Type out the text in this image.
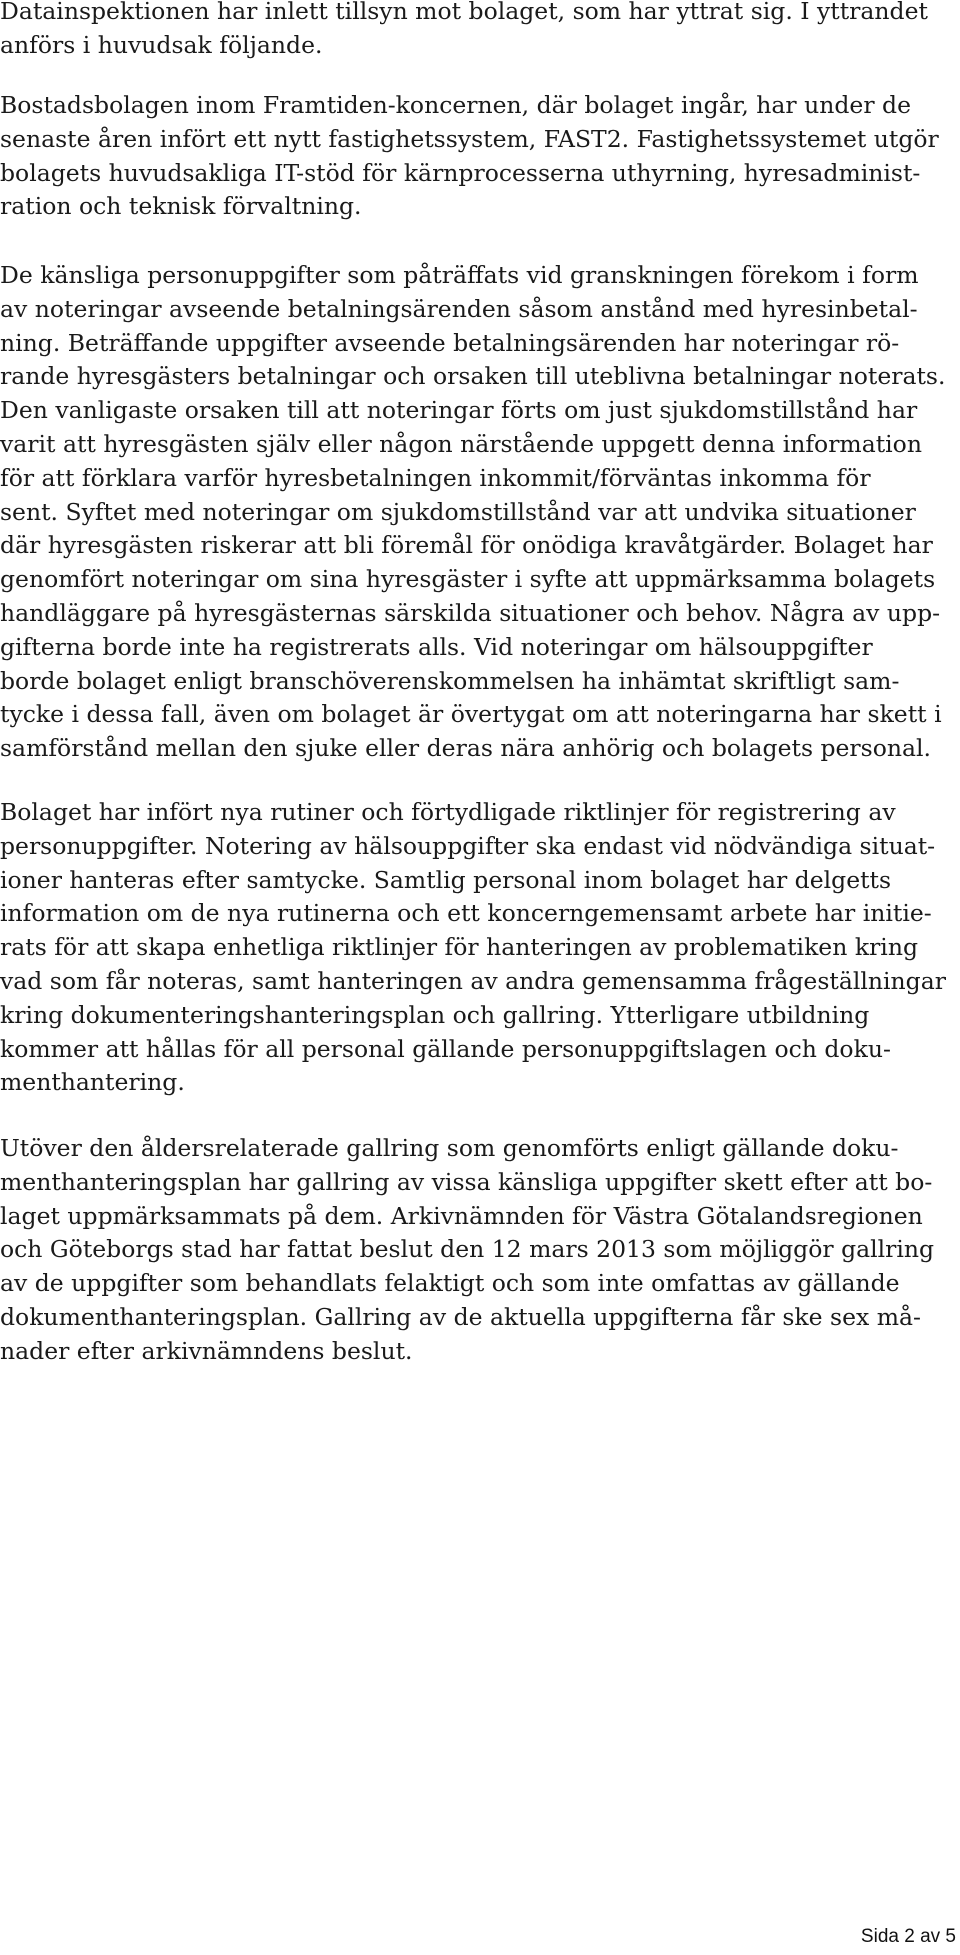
Datainspektionen har inlett tillsyn mot bolaget, som har yttrat sig. I yttrandet
anförs i huvudsak följande.

Bostadsbolagen inom Framtiden-koncernen, där bolaget ingår, har under de
senaste åren infört ett nytt fastighetssystem, FAST2. Fastighetssystemet utgör
bolagets huvudsakliga IT-stöd för kärnprocesserna uthyrning, hyresadminist-
ration och teknisk förvaltning.

De känsliga personuppgifter som påträffats vid granskningen förekom i form
av noteringar avseende betalningsärenden såsom anstånd med hyresinbetal-
ning. Beträffande uppgifter avseende betalningsärenden har noteringar rö-
rande hyresgästers betalningar och orsaken till uteblivna betalningar noterats.
Den vanligaste orsaken till att noteringar förts om just sjukdomstillstånd har
varit att hyresgästen själv eller någon närstående uppgett denna information
för att förklara varför hyresbetalningen inkommit/förväntas inkomma för
sent. Syftet med noteringar om sjukdomstillstånd var att undvika situationer
där hyresgästen riskerar att bli föremål för onödiga kravåtgärder. Bolaget har
genomfört noteringar om sina hyresgäster i syfte att uppmärksamma bolagets
handläggare på hyresgästernas särskilda situationer och behov. Några av upp-
gifterna borde inte ha registrerats alls. Vid noteringar om hälsouppgifter
borde bolaget enligt branschöverenskommelsen ha inhämtat skriftligt sam-
tycke i dessa fall, även om bolaget är övertygat om att noteringarna har skett i
samförstånd mellan den sjuke eller deras nära anhörig och bolagets personal.

Bolaget har infört nya rutiner och förtydligade riktlinjer för registrering av
personuppgifter. Notering av hälsouppgifter ska endast vid nödvändiga situat-
ioner hanteras efter samtycke. Samtlig personal inom bolaget har delgetts
information om de nya rutinerna och ett koncerngemensamt arbete har initie-
rats för att skapa enhetliga riktlinjer för hanteringen av problematiken kring
vad som får noteras, samt hanteringen av andra gemensamma frågeställningar
kring dokumenteringshanteringsplan och gallring. Ytterligare utbildning
kommer att hållas för all personal gällande personuppgiftslagen och doku-
menthantering.

Utöver den åldersrelaterade gallring som genomförts enligt gällande doku-
menthanteringsplan har gallring av vissa känsliga uppgifter skett efter att bo-
laget uppmärksammats på dem. Arkivnämnden för Västra Götalandsregionen
och Göteborgs stad har fattat beslut den 12 mars 2013 som möjliggör gallring
av de uppgifter som behandlats felaktigt och som inte omfattas av gällande
dokumenthanteringsplan. Gallring av de aktuella uppgifterna får ske sex må-
nader efter arkivnämndens beslut.

Sida 2 av 5
